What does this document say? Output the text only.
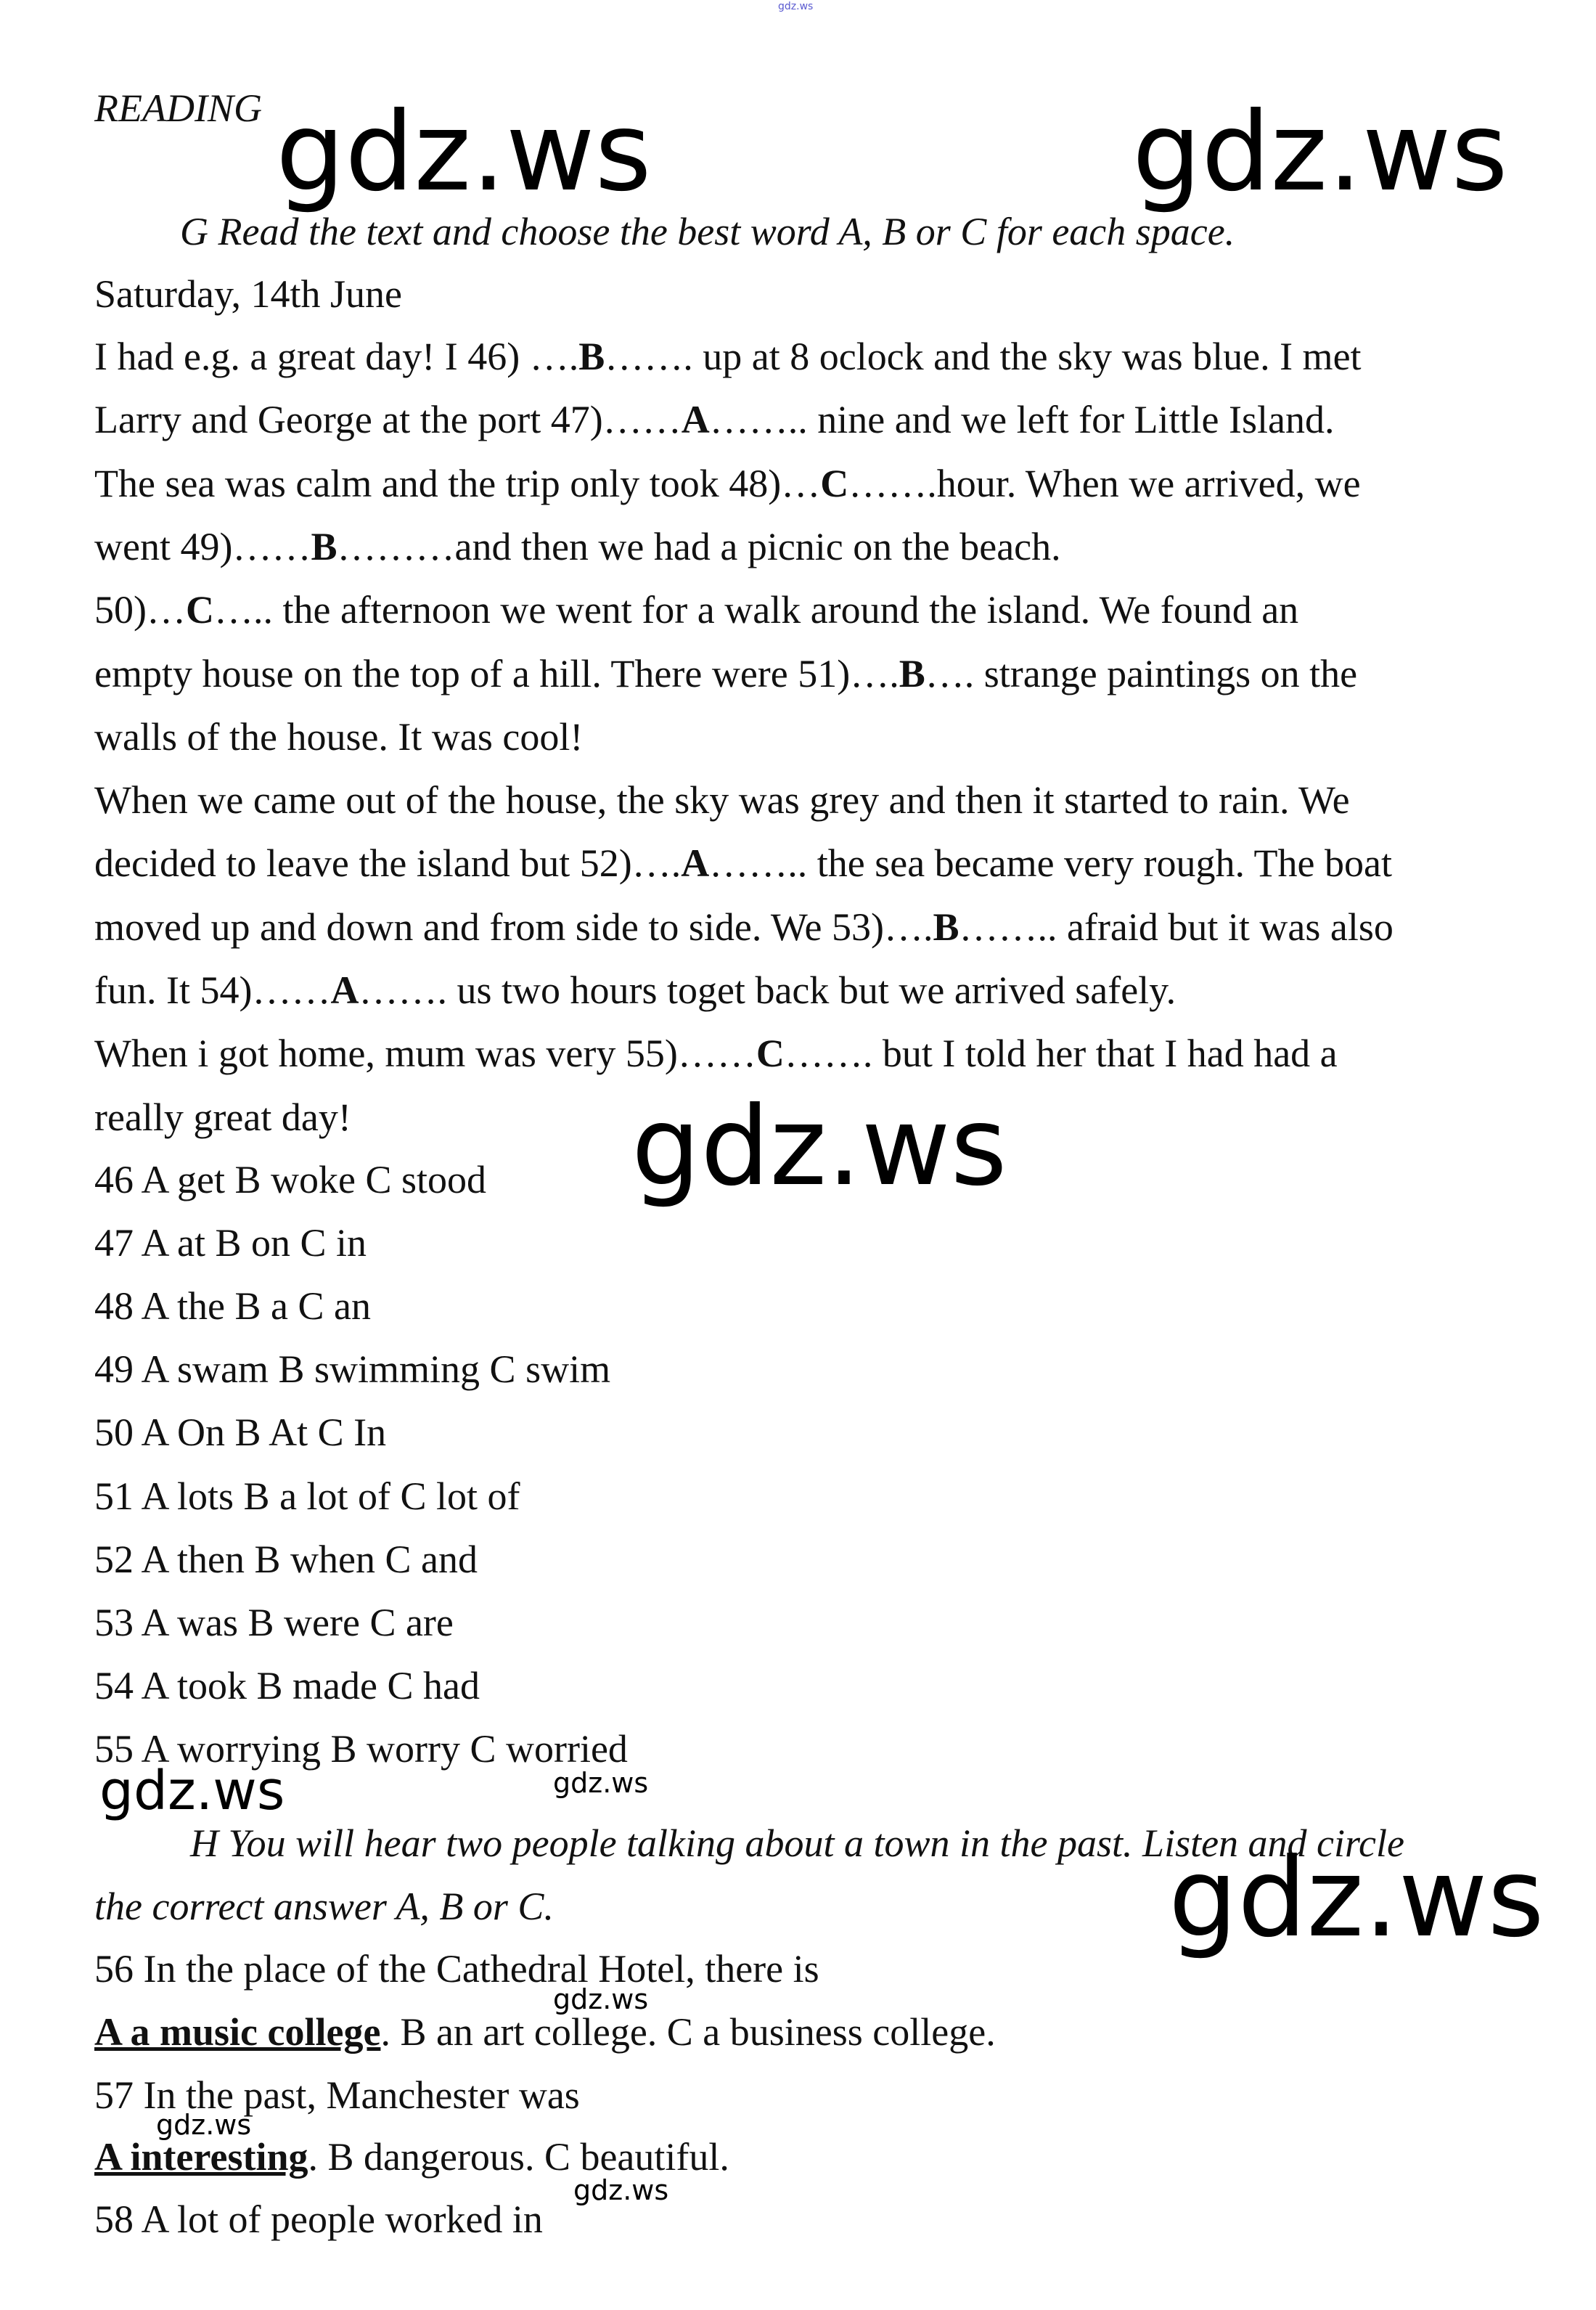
gdz.ws
READING gdz.ws	gdz.ws
G Read the text and choose the best word A, B or C for each space.
Saturday, 14th June
I had e.g. a great day! I 46) ….B……. up at 8 oclock and the sky was blue. I met
Larry and George at the port 47)……A…….. nine and we left for Little Island.
The sea was calm and the trip only took 48)…C…….hour. When we arrived, we
went 49)……B………and then we had a picnic on the beach.
50)…C….. the afternoon we went for a walk around the island. We found an
empty house on the top of a hill. There were 51)….B…. strange paintings on the
walls of the house. It was cool!
When we came out of the house, the sky was grey and then it started to rain. We
decided to leave the island but 52)….A…….. the sea became very rough. The boat
moved up and down and from side to side. We 53)….B…….. afraid but it was also
fun. It 54)……A……. us two hours toget back but we arrived safely.
When i got home, mum was very 55)……C……. but I told her that I had had a
really great day!	gdz.ws
46 A get B woke C stood
47 A at B on C in
48 A the B a C an
49 A swam B swimming C swim
50 A On B At C In
51 A lots B a lot of C lot of
52 A then B when C and
53 A was B were C are
54 A took B made C had
55 A worrying B worry C worried
gdz.ws	gdz.ws
H You will hear two people talking about a town in the past. Listen and circle
the correct answer A, B or C.	gdz.ws
56 In the place of the Cathedral Hotel, there is
gdz.ws
A a music college. B an art college. C a business college.
57 In the past, Manchester was
gdz.ws
A interesting. B dangerous. C beautiful.
gdz.ws
58 A lot of people worked in
